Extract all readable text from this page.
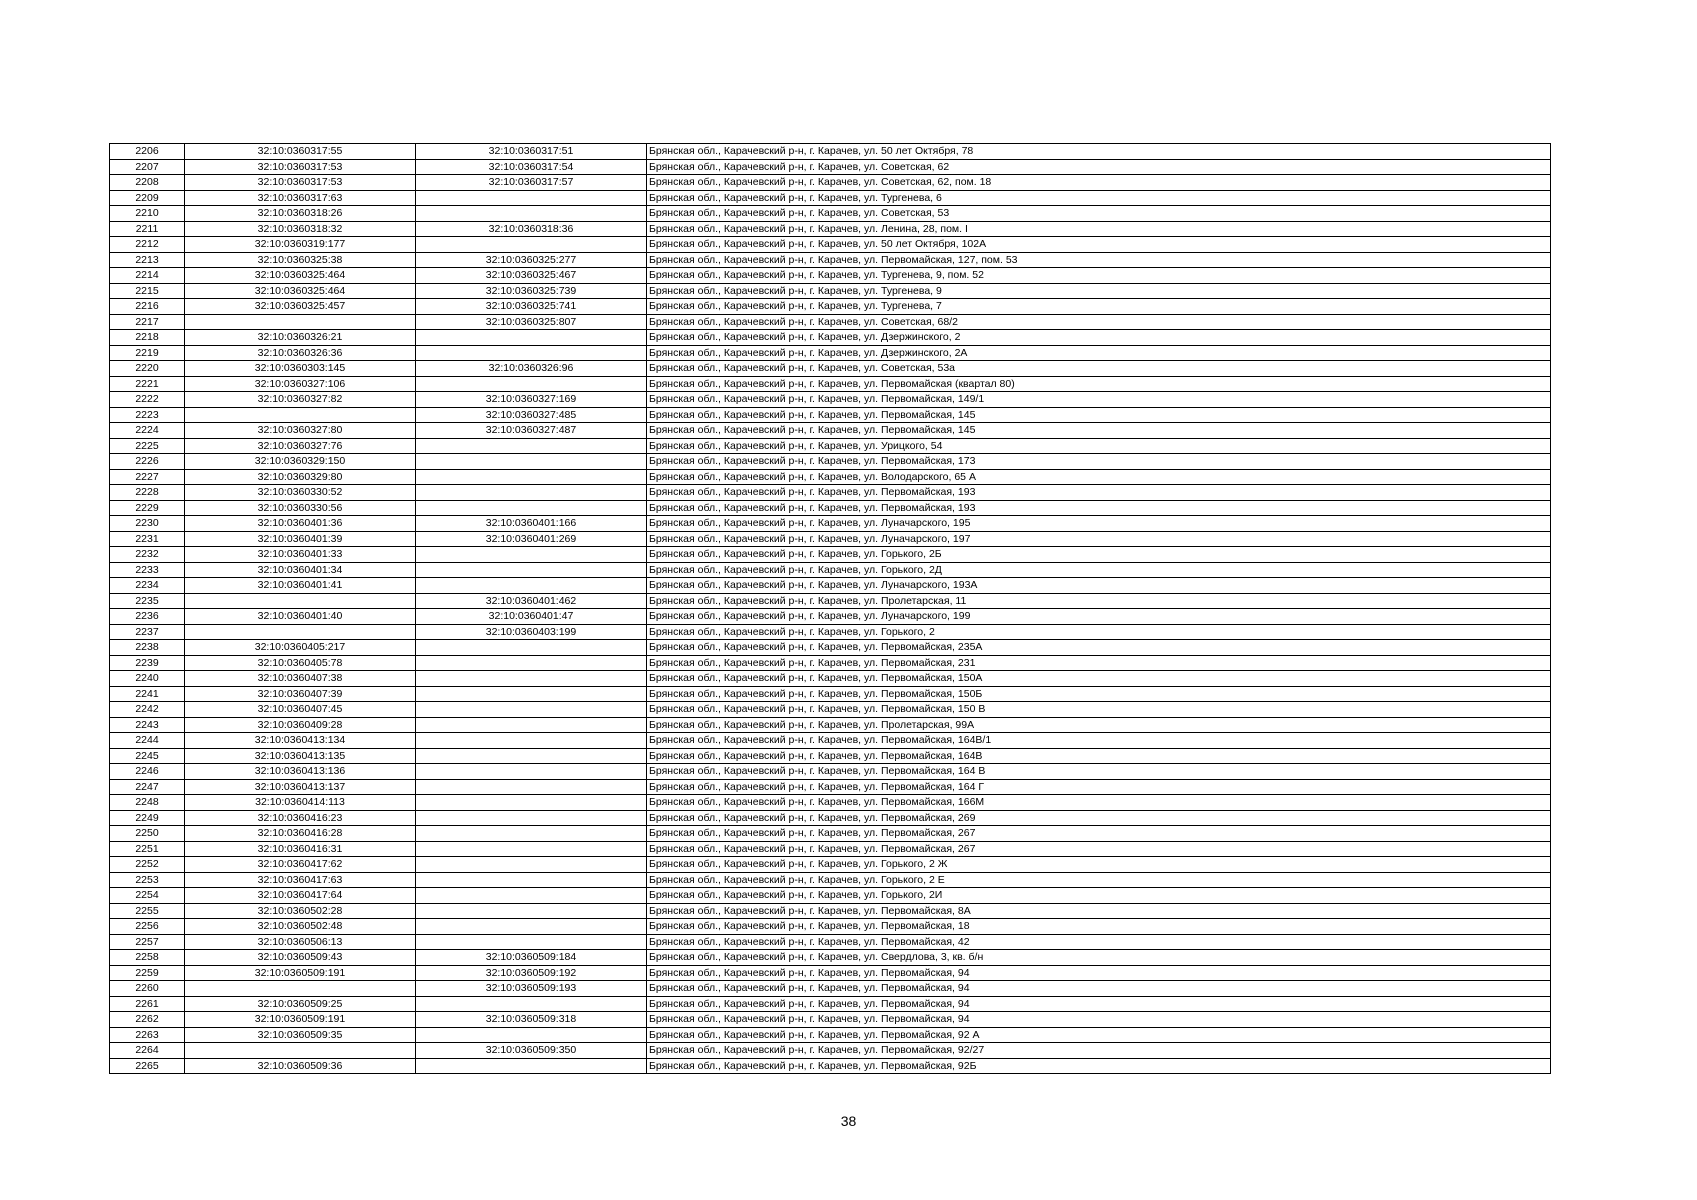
2206	32:10:0360317:55	32:10:0360317:51	Брянская обл., Карачевский р-н, г. Карачев, ул. 50 лет Октября, 78
2207	32:10:0360317:53	32:10:0360317:54	Брянская обл., Карачевский р-н, г. Карачев, ул. Советская, 62
2208	32:10:0360317:53	32:10:0360317:57	Брянская обл., Карачевский р-н, г. Карачев, ул. Советская, 62, пом. 18
2209	32:10:0360317:63		Брянская обл., Карачевский р-н, г. Карачев, ул. Тургенева, 6
2210	32:10:0360318:26		Брянская обл., Карачевский р-н, г. Карачев, ул. Советская, 53
2211	32:10:0360318:32	32:10:0360318:36	Брянская обл., Карачевский р-н, г. Карачев, ул. Ленина, 28, пом. I
2212	32:10:0360319:177		Брянская обл., Карачевский р-н, г. Карачев, ул. 50 лет Октября, 102А
2213	32:10:0360325:38	32:10:0360325:277	Брянская обл., Карачевский р-н, г. Карачев, ул. Первомайская, 127, пом. 53
2214	32:10:0360325:464	32:10:0360325:467	Брянская обл., Карачевский р-н, г. Карачев, ул. Тургенева, 9, пом. 52
2215	32:10:0360325:464	32:10:0360325:739	Брянская обл., Карачевский р-н, г. Карачев, ул. Тургенева, 9
2216	32:10:0360325:457	32:10:0360325:741	Брянская обл., Карачевский р-н, г. Карачев, ул. Тургенева, 7
2217		32:10:0360325:807	Брянская обл., Карачевский р-н, г. Карачев, ул. Советская, 68/2
2218	32:10:0360326:21		Брянская обл., Карачевский р-н, г. Карачев, ул. Дзержинского, 2
2219	32:10:0360326:36		Брянская обл., Карачевский р-н, г. Карачев, ул. Дзержинского, 2А
2220	32:10:0360303:145	32:10:0360326:96	Брянская обл., Карачевский р-н, г. Карачев, ул. Советская, 53а
2221	32:10:0360327:106		Брянская обл., Карачевский р-н, г. Карачев, ул. Первомайская (квартал 80)
2222	32:10:0360327:82	32:10:0360327:169	Брянская обл., Карачевский р-н, г. Карачев, ул. Первомайская, 149/1
2223		32:10:0360327:485	Брянская обл., Карачевский р-н, г. Карачев, ул. Первомайская, 145
2224	32:10:0360327:80	32:10:0360327:487	Брянская обл., Карачевский р-н, г. Карачев, ул. Первомайская, 145
2225	32:10:0360327:76		Брянская обл., Карачевский р-н, г. Карачев, ул. Урицкого, 54
2226	32:10:0360329:150		Брянская обл., Карачевский р-н, г. Карачев, ул. Первомайская, 173
2227	32:10:0360329:80		Брянская обл., Карачевский р-н, г. Карачев, ул. Володарского, 65 А
2228	32:10:0360330:52		Брянская обл., Карачевский р-н, г. Карачев, ул. Первомайская, 193
2229	32:10:0360330:56		Брянская обл., Карачевский р-н, г. Карачев, ул. Первомайская, 193
2230	32:10:0360401:36	32:10:0360401:166	Брянская обл., Карачевский р-н, г. Карачев, ул. Луначарского, 195
2231	32:10:0360401:39	32:10:0360401:269	Брянская обл., Карачевский р-н, г. Карачев, ул. Луначарского, 197
2232	32:10:0360401:33		Брянская обл., Карачевский р-н, г. Карачев, ул. Горького, 2Б
2233	32:10:0360401:34		Брянская обл., Карачевский р-н, г. Карачев, ул. Горького, 2Д
2234	32:10:0360401:41		Брянская обл., Карачевский р-н, г. Карачев, ул. Луначарского, 193А
2235		32:10:0360401:462	Брянская обл., Карачевский р-н, г. Карачев, ул. Пролетарская, 11
2236	32:10:0360401:40	32:10:0360401:47	Брянская обл., Карачевский р-н, г. Карачев, ул. Луначарского, 199
2237		32:10:0360403:199	Брянская обл., Карачевский р-н, г. Карачев, ул. Горького, 2
2238	32:10:0360405:217		Брянская обл., Карачевский р-н, г. Карачев, ул. Первомайская, 235А
2239	32:10:0360405:78		Брянская обл., Карачевский р-н, г. Карачев, ул. Первомайская, 231
2240	32:10:0360407:38		Брянская обл., Карачевский р-н, г. Карачев, ул. Первомайская, 150А
2241	32:10:0360407:39		Брянская обл., Карачевский р-н, г. Карачев, ул. Первомайская, 150Б
2242	32:10:0360407:45		Брянская обл., Карачевский р-н, г. Карачев, ул. Первомайская, 150 В
2243	32:10:0360409:28		Брянская обл., Карачевский р-н, г. Карачев, ул. Пролетарская, 99А
2244	32:10:0360413:134		Брянская обл., Карачевский р-н, г. Карачев, ул. Первомайская, 164В/1
2245	32:10:0360413:135		Брянская обл., Карачевский р-н, г. Карачев, ул. Первомайская, 164В
2246	32:10:0360413:136		Брянская обл., Карачевский р-н, г. Карачев, ул. Первомайская, 164 В
2247	32:10:0360413:137		Брянская обл., Карачевский р-н, г. Карачев, ул. Первомайская, 164 Г
2248	32:10:0360414:113		Брянская обл., Карачевский р-н, г. Карачев, ул. Первомайская, 166М
2249	32:10:0360416:23		Брянская обл., Карачевский р-н, г. Карачев, ул. Первомайская, 269
2250	32:10:0360416:28		Брянская обл., Карачевский р-н, г. Карачев, ул. Первомайская, 267
2251	32:10:0360416:31		Брянская обл., Карачевский р-н, г. Карачев, ул. Первомайская, 267
2252	32:10:0360417:62		Брянская обл., Карачевский р-н, г. Карачев, ул. Горького, 2 Ж
2253	32:10:0360417:63		Брянская обл., Карачевский р-н, г. Карачев, ул. Горького, 2 Е
2254	32:10:0360417:64		Брянская обл., Карачевский р-н, г. Карачев, ул. Горького, 2И
2255	32:10:0360502:28		Брянская обл., Карачевский р-н, г. Карачев, ул. Первомайская, 8А
2256	32:10:0360502:48		Брянская обл., Карачевский р-н, г. Карачев, ул. Первомайская, 18
2257	32:10:0360506:13		Брянская обл., Карачевский р-н, г. Карачев, ул. Первомайская, 42
2258	32:10:0360509:43	32:10:0360509:184	Брянская обл., Карачевский р-н, г. Карачев, ул. Свердлова, 3, кв. б/н
2259	32:10:0360509:191	32:10:0360509:192	Брянская обл., Карачевский р-н, г. Карачев, ул. Первомайская, 94
2260		32:10:0360509:193	Брянская обл., Карачевский р-н, г. Карачев, ул. Первомайская, 94
2261	32:10:0360509:25		Брянская обл., Карачевский р-н, г. Карачев, ул. Первомайская, 94
2262	32:10:0360509:191	32:10:0360509:318	Брянская обл., Карачевский р-н, г. Карачев, ул. Первомайская, 94
2263	32:10:0360509:35		Брянская обл., Карачевский р-н, г. Карачев, ул. Первомайская, 92 А
2264		32:10:0360509:350	Брянская обл., Карачевский р-н, г. Карачев, ул. Первомайская, 92/27
2265	32:10:0360509:36		Брянская обл., Карачевский р-н, г. Карачев, ул. Первомайская, 92Б
38
